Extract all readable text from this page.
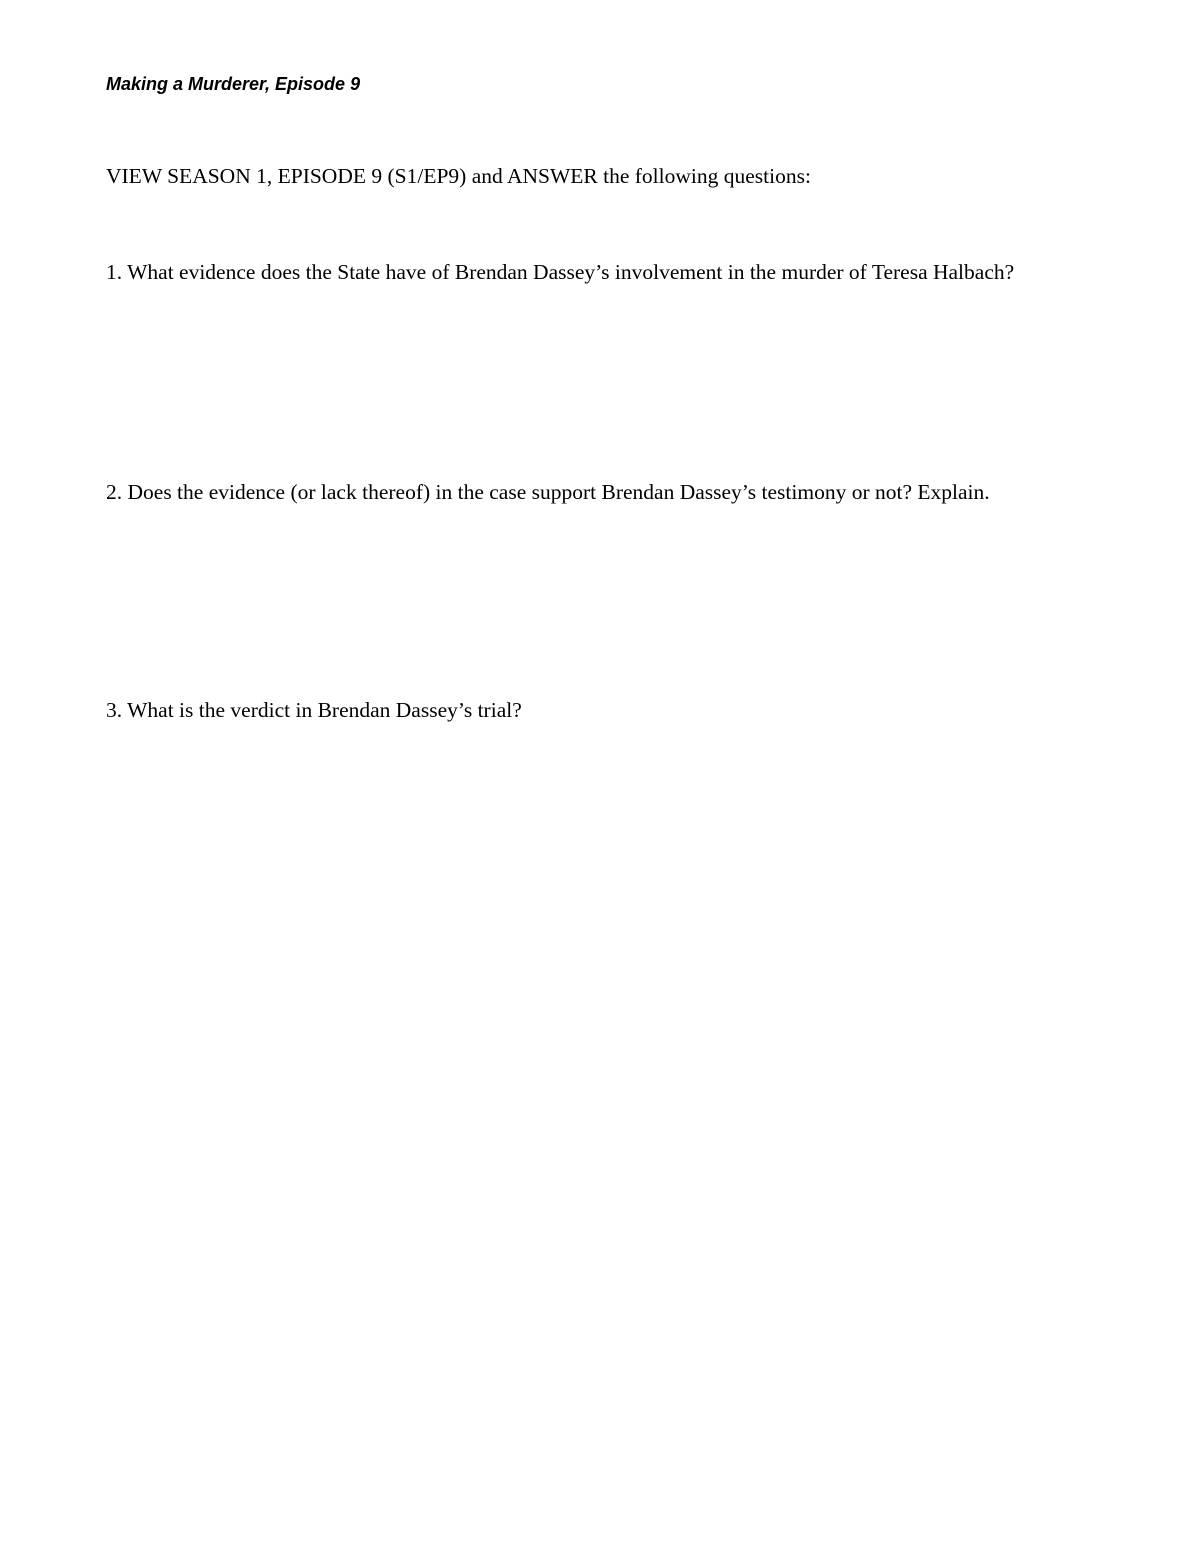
Making a Murderer, Episode 9
VIEW SEASON 1, EPISODE 9 (S1/EP9) and ANSWER the following questions:
1. What evidence does the State have of Brendan Dassey’s involvement in the murder of Teresa Halbach?
2. Does the evidence (or lack thereof) in the case support Brendan Dassey’s testimony or not? Explain.
3. What is the verdict in Brendan Dassey’s trial?
